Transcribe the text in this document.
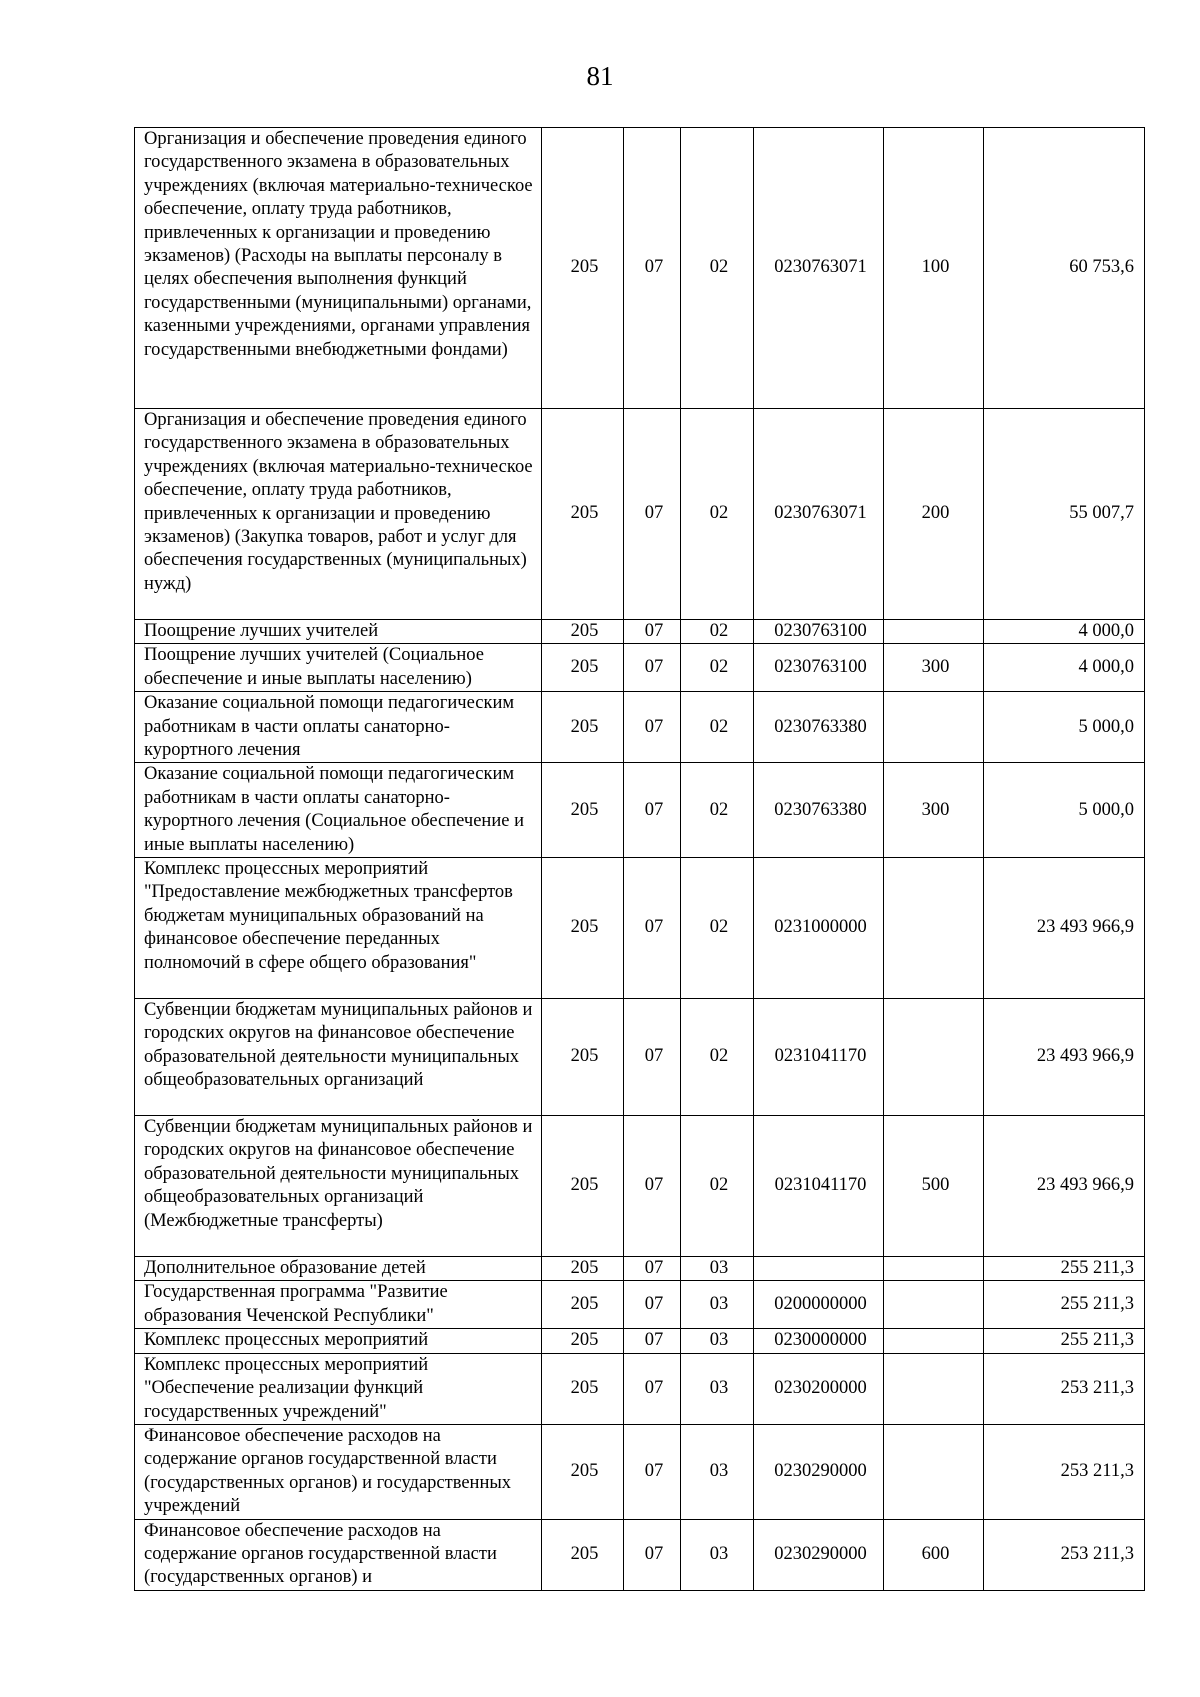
81
Организация и обеспечение проведения единого государственного экзамена в образовательных учреждениях (включая материально-техническое обеспечение, оплату труда работников, привлеченных к организации и проведению экзаменов) (Расходы на выплаты персоналу в целях обеспечения выполнения функций государственными (муниципальными) органами, казенными учреждениями, органами управления государственными внебюджетными фондами)	205	07	02	0230763071	100	60 753,6
Организация и обеспечение проведения единого государственного экзамена в образовательных учреждениях (включая материально-техническое обеспечение, оплату труда работников, привлеченных к организации и проведению экзаменов) (Закупка товаров, работ и услуг для обеспечения государственных (муниципальных) нужд)	205	07	02	0230763071	200	55 007,7
Поощрение лучших учителей	205	07	02	0230763100		4 000,0
Поощрение лучших учителей (Социальное обеспечение и иные выплаты населению)	205	07	02	0230763100	300	4 000,0
Оказание социальной помощи педагогическим работникам в части оплаты санаторно-курортного лечения	205	07	02	0230763380		5 000,0
Оказание социальной помощи педагогическим работникам в части оплаты санаторно-курортного лечения (Социальное обеспечение и иные выплаты населению)	205	07	02	0230763380	300	5 000,0
Комплекс процессных мероприятий "Предоставление межбюджетных трансфертов бюджетам муниципальных образований на финансовое обеспечение переданных полномочий в сфере общего образования"	205	07	02	0231000000		23 493 966,9
Субвенции бюджетам муниципальных районов и городских округов на финансовое обеспечение образовательной деятельности муниципальных общеобразовательных организаций	205	07	02	0231041170		23 493 966,9
Субвенции бюджетам муниципальных районов и городских округов на финансовое обеспечение образовательной деятельности муниципальных общеобразовательных организаций (Межбюджетные трансферты)	205	07	02	0231041170	500	23 493 966,9
Дополнительное образование детей	205	07	03			255 211,3
Государственная программа "Развитие образования Чеченской Республики"	205	07	03	0200000000		255 211,3
Комплекс процессных мероприятий	205	07	03	0230000000		255 211,3
Комплекс процессных мероприятий "Обеспечение реализации функций государственных учреждений"	205	07	03	0230200000		253 211,3
Финансовое обеспечение расходов на содержание органов государственной власти (государственных органов) и государственных учреждений	205	07	03	0230290000		253 211,3
Финансовое обеспечение расходов на содержание органов государственной власти (государственных органов) и	205	07	03	0230290000	600	253 211,3
